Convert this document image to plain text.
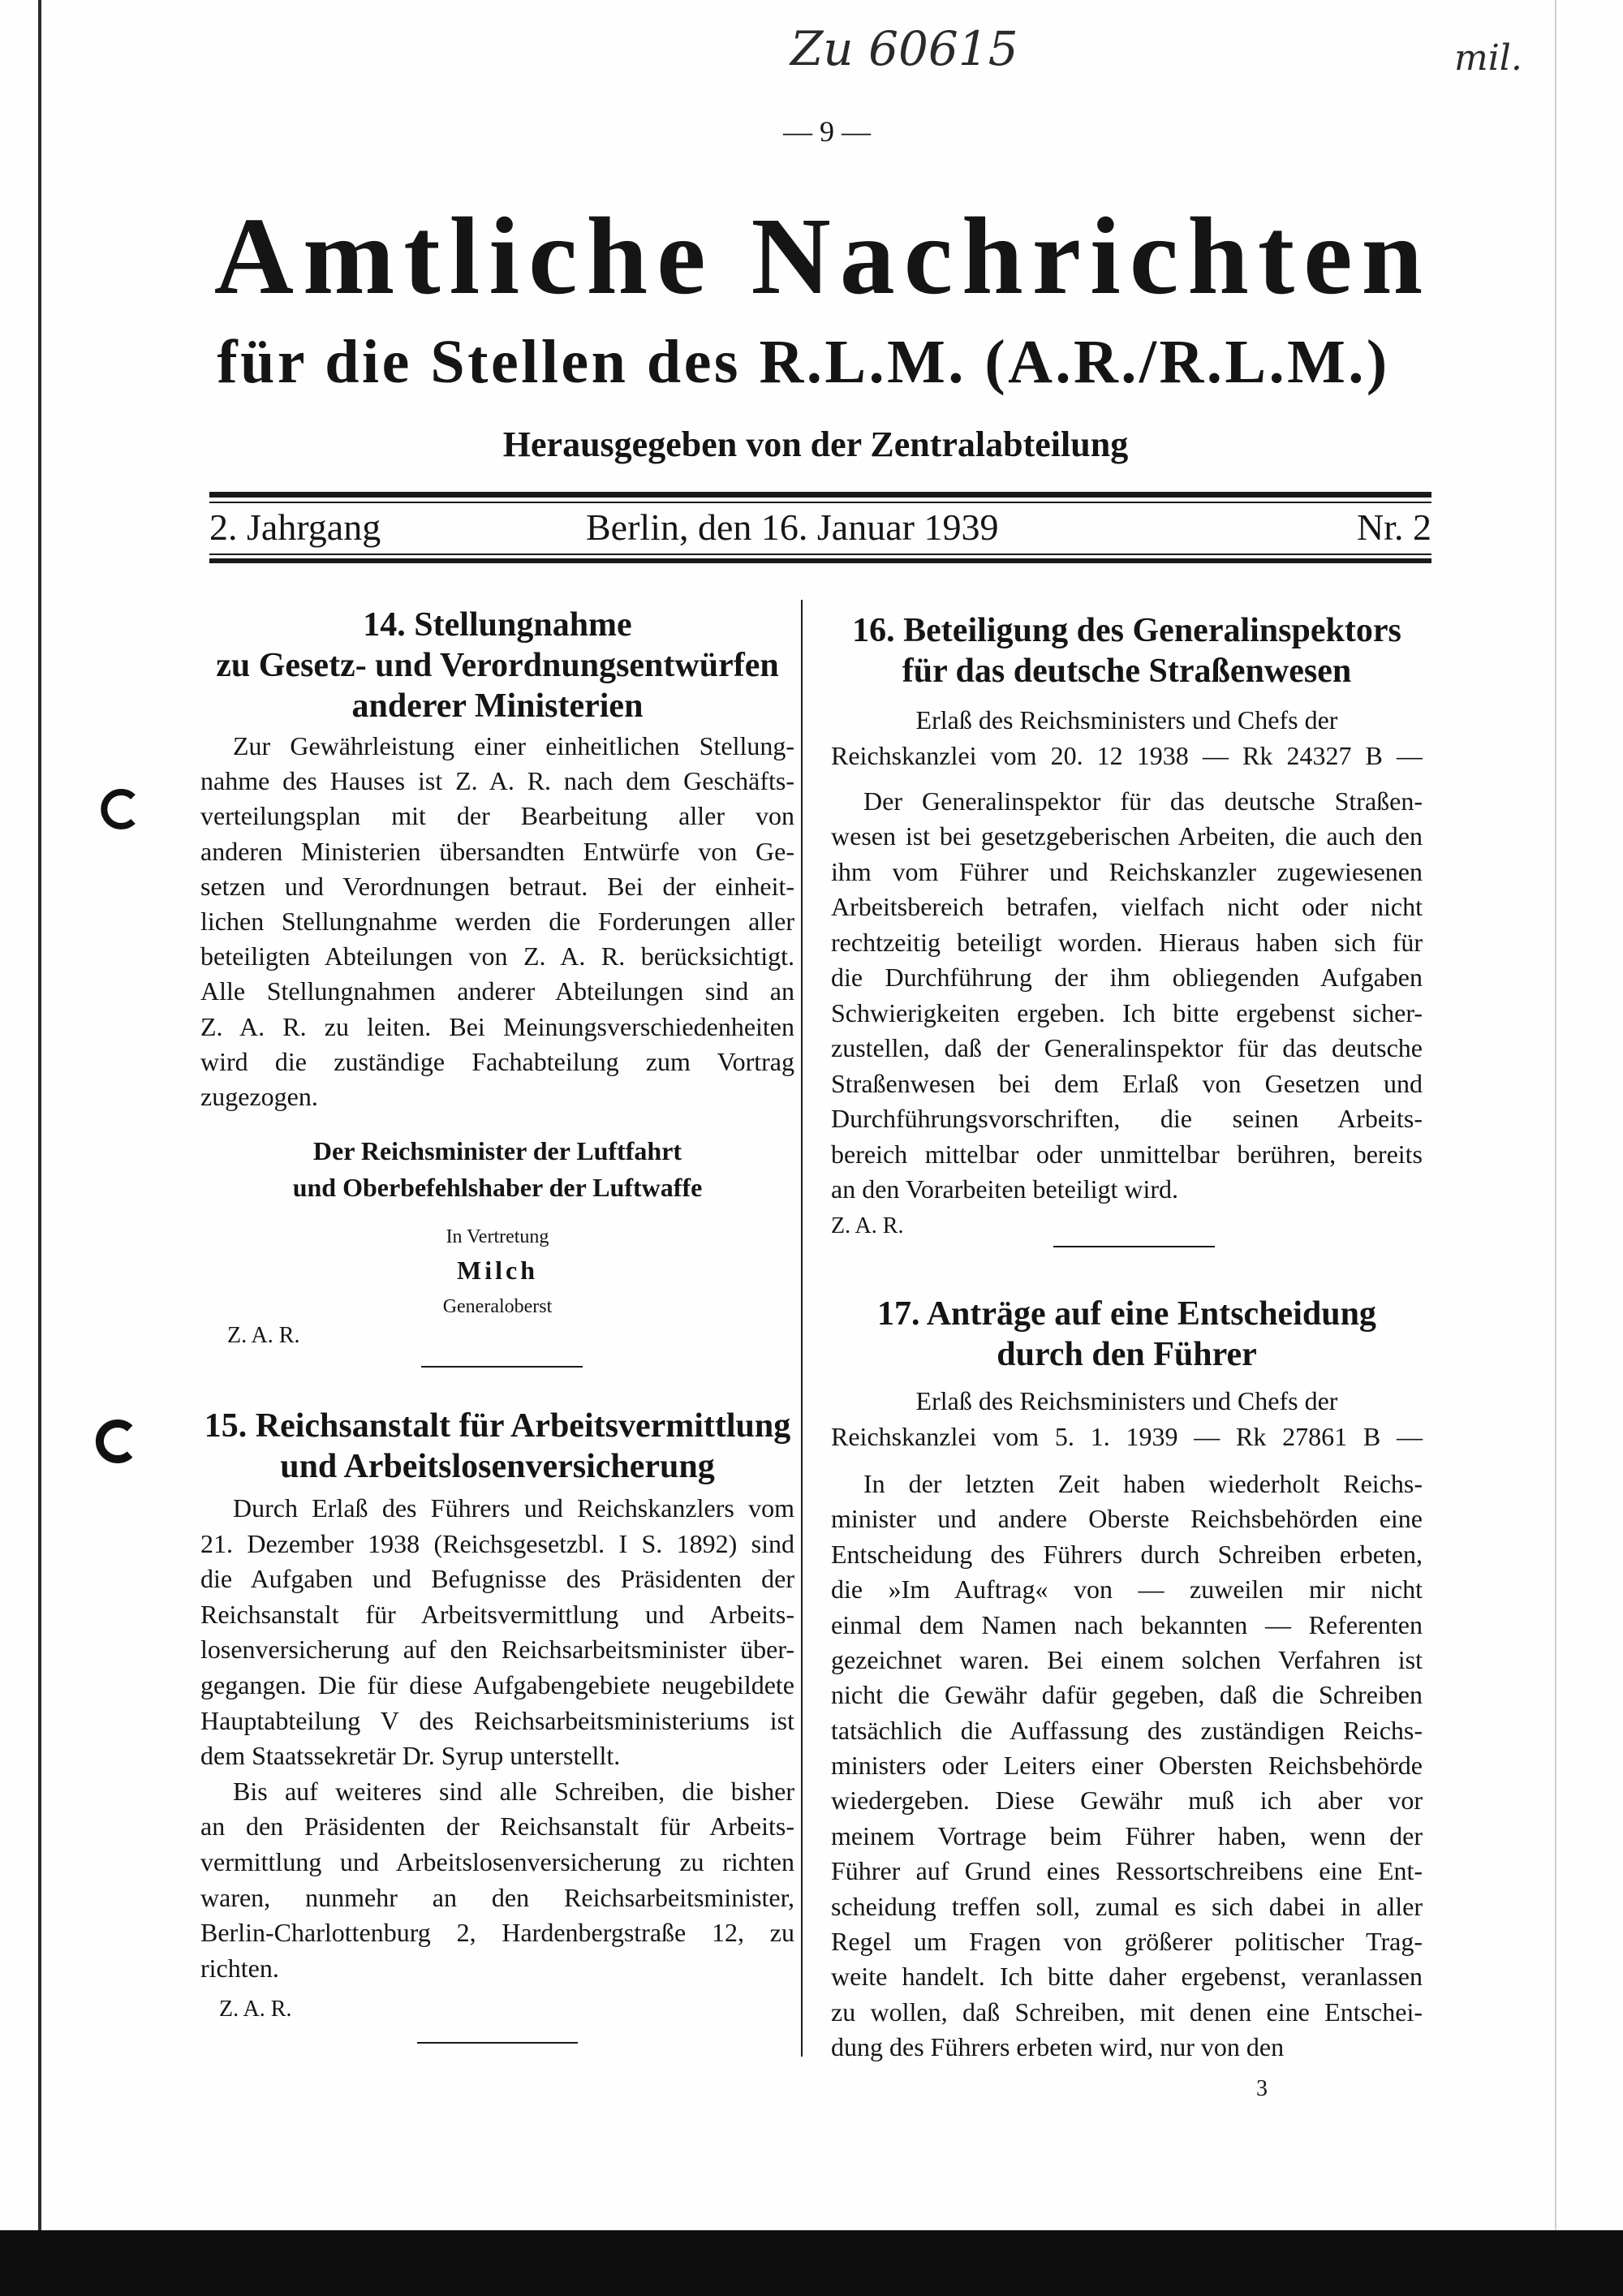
Zu 60615	mil.
— 9 —
Amtliche Nachrichten
für die Stellen des R.L.M. (A.R./R.L.M.)
Herausgegeben von der Zentralabteilung
2. Jahrgang	Berlin, den 16. Januar 1939	Nr. 2
14. Stellungnahme
zu Gesetz- und Verordnungsentwürfen
anderer Ministerien
Zur Gewährleistung einer einheitlichen Stellung-
nahme des Hauses ist Z. A. R. nach dem Geschäfts-
verteilungsplan mit der Bearbeitung aller von
anderen Ministerien übersandten Entwürfe von Ge-
setzen und Verordnungen betraut. Bei der einheit-
lichen Stellungnahme werden die Forderungen aller
beteiligten Abteilungen von Z. A. R. berücksichtigt.
Alle Stellungnahmen anderer Abteilungen sind an
Z. A. R. zu leiten. Bei Meinungsverschiedenheiten
wird die zuständige Fachabteilung zum Vortrag
zugezogen.
Der Reichsminister der Luftfahrt
und Oberbefehlshaber der Luftwaffe
In Vertretung
Milch
Generaloberst
Z. A. R.
15. Reichsanstalt für Arbeitsvermittlung
und Arbeitslosenversicherung
Durch Erlaß des Führers und Reichskanzlers vom
21. Dezember 1938 (Reichsgesetzbl. I S. 1892) sind
die Aufgaben und Befugnisse des Präsidenten der
Reichsanstalt für Arbeitsvermittlung und Arbeits-
losenversicherung auf den Reichsarbeitsminister über-
gegangen. Die für diese Aufgabengebiete neugebildete
Hauptabteilung V des Reichsarbeitsministeriums ist
dem Staatssekretär Dr. Syrup unterstellt.
Bis auf weiteres sind alle Schreiben, die bisher
an den Präsidenten der Reichsanstalt für Arbeits-
vermittlung und Arbeitslosenversicherung zu richten
waren, nunmehr an den Reichsarbeitsminister,
Berlin-Charlottenburg 2, Hardenbergstraße 12, zu
richten.
Z. A. R.
16. Beteiligung des Generalinspektors
für das deutsche Straßenwesen
Erlaß des Reichsministers und Chefs der
Reichskanzlei vom 20. 12 1938 — Rk 24327 B —
Der Generalinspektor für das deutsche Straßen-
wesen ist bei gesetzgeberischen Arbeiten, die auch den
ihm vom Führer und Reichskanzler zugewiesenen
Arbeitsbereich betrafen, vielfach nicht oder nicht
rechtzeitig beteiligt worden. Hieraus haben sich für
die Durchführung der ihm obliegenden Aufgaben
Schwierigkeiten ergeben. Ich bitte ergebenst sicher-
zustellen, daß der Generalinspektor für das deutsche
Straßenwesen bei dem Erlaß von Gesetzen und
Durchführungsvorschriften, die seinen Arbeits-
bereich mittelbar oder unmittelbar berühren, bereits
an den Vorarbeiten beteiligt wird.
Z. A. R.
17. Anträge auf eine Entscheidung
durch den Führer
Erlaß des Reichsministers und Chefs der
Reichskanzlei vom 5. 1. 1939 — Rk 27861 B —
In der letzten Zeit haben wiederholt Reichs-
minister und andere Oberste Reichsbehörden eine
Entscheidung des Führers durch Schreiben erbeten,
die »Im Auftrag« von — zuweilen mir nicht
einmal dem Namen nach bekannten — Referenten
gezeichnet waren. Bei einem solchen Verfahren ist
nicht die Gewähr dafür gegeben, daß die Schreiben
tatsächlich die Auffassung des zuständigen Reichs-
ministers oder Leiters einer Obersten Reichsbehörde
wiedergeben. Diese Gewähr muß ich aber vor
meinem Vortrage beim Führer haben, wenn der
Führer auf Grund eines Ressortschreibens eine Ent-
scheidung treffen soll, zumal es sich dabei in aller
Regel um Fragen von größerer politischer Trag-
weite handelt. Ich bitte daher ergebenst, veranlassen
zu wollen, daß Schreiben, mit denen eine Entschei-
dung des Führers erbeten wird, nur von den
3
